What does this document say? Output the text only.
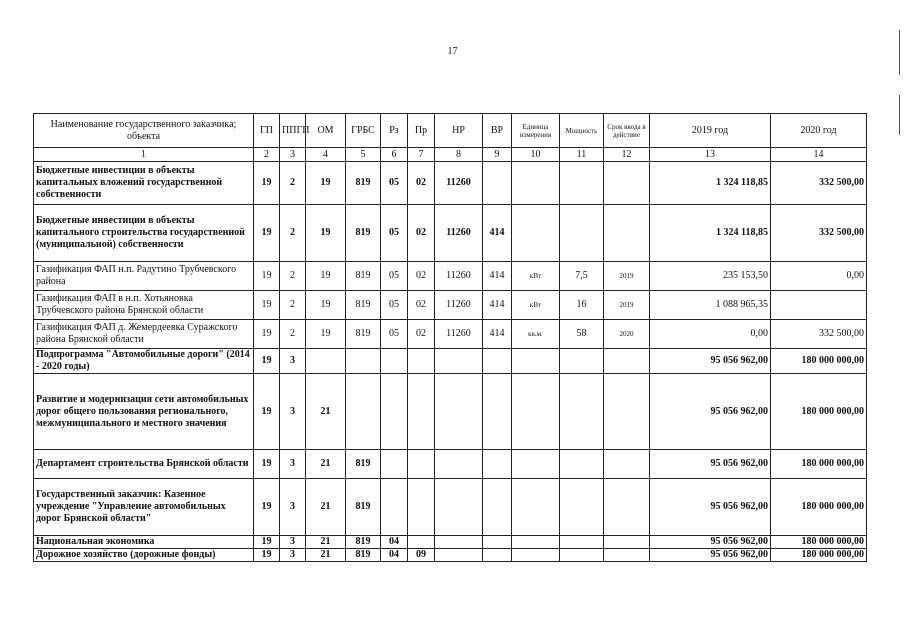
17
Наименование государственного заказчика; объекта	ГП	ППГП	ОМ	ГРБС	Рз	Пр	НР	ВР	Единица измерения	Мощность	Срок ввода в действие	2019 год	2020 год
1	2	3	4	5	6	7	8	9	10	11	12	13	14
Бюджетные инвестиции в объекты капитальных вложений государственной собственности	19	2	19	819	05	02	11260					1 324 118,85	332 500,00
Бюджетные инвестиции в объекты капитального строительства государственной (муниципальной) собственности	19	2	19	819	05	02	11260	414				1 324 118,85	332 500,00
Газификация ФАП н.п. Радутино Трубчевского района	19	2	19	819	05	02	11260	414	кВт	7,5	2019	235 153,50	0,00
Газификация ФАП в н.п. Хотьяновка Трубчевского района Брянской области	19	2	19	819	05	02	11260	414	кВт	16	2019	1 088 965,35	
Газификация ФАП д. Жемердеевка Суражского района Брянской области	19	2	19	819	05	02	11260	414	кв.м.	58	2020	0,00	332 500,00
Подпрограмма "Автомобильные дороги" (2014 - 2020 годы)	19	3										95 056 962,00	180 000 000,00
Развитие и модернизация сети автомобильных дорог общего пользования регионального, межмуниципального и местного значения	19	3	21									95 056 962,00	180 000 000,00
Департамент строительства Брянской области	19	3	21	819								95 056 962,00	180 000 000,00
Государственный заказчик: Казенное учреждение "Управление автомобильных дорог Брянской области"	19	3	21	819								95 056 962,00	180 000 000,00
Национальная экономика	19	3	21	819	04							95 056 962,00	180 000 000,00
Дорожное хозяйство (дорожные фонды)	19	3	21	819	04	09						95 056 962,00	180 000 000,00
